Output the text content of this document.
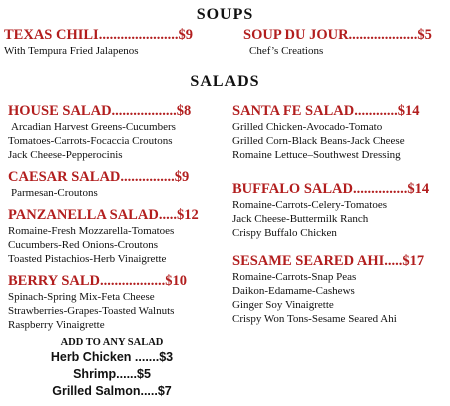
SOUPS
TEXAS CHILI......................$9
With Tempura Fried Jalapenos
SOUP DU JOUR...................$5
Chef’s Creations
SALADS
HOUSE SALAD..................$8
Arcadian Harvest Greens-Cucumbers
Tomatoes-Carrots-Focaccia Croutons
Jack Cheese-Pepperocinis
CAESAR SALAD...............$9
Parmesan-Croutons
PANZANELLA SALAD.....$12
Romaine-Fresh Mozzarella-Tomatoes
Cucumbers-Red Onions-Croutons
Toasted Pistachios-Herb Vinaigrette
BERRY SALD..................$10
Spinach-Spring Mix-Feta Cheese
Strawberries-Grapes-Toasted Walnuts
Raspberry Vinaigrette
SANTA FE SALAD............$14
Grilled Chicken-Avocado-Tomato
Grilled Corn-Black Beans-Jack Cheese
Romaine Lettuce–Southwest Dressing
BUFFALO SALAD...............$14
Romaine-Carrots-Celery-Tomatoes
Jack Cheese-Buttermilk Ranch
Crispy Buffalo Chicken
SESAME SEARED AHI.....$17
Romaine-Carrots-Snap Peas
Daikon-Edamame-Cashews
Ginger Soy Vinaigrette
Crispy Won Tons-Sesame Seared Ahi
ADD TO ANY SALAD
Herb Chicken .......$3
Shrimp......$5
Grilled Salmon.....$7
